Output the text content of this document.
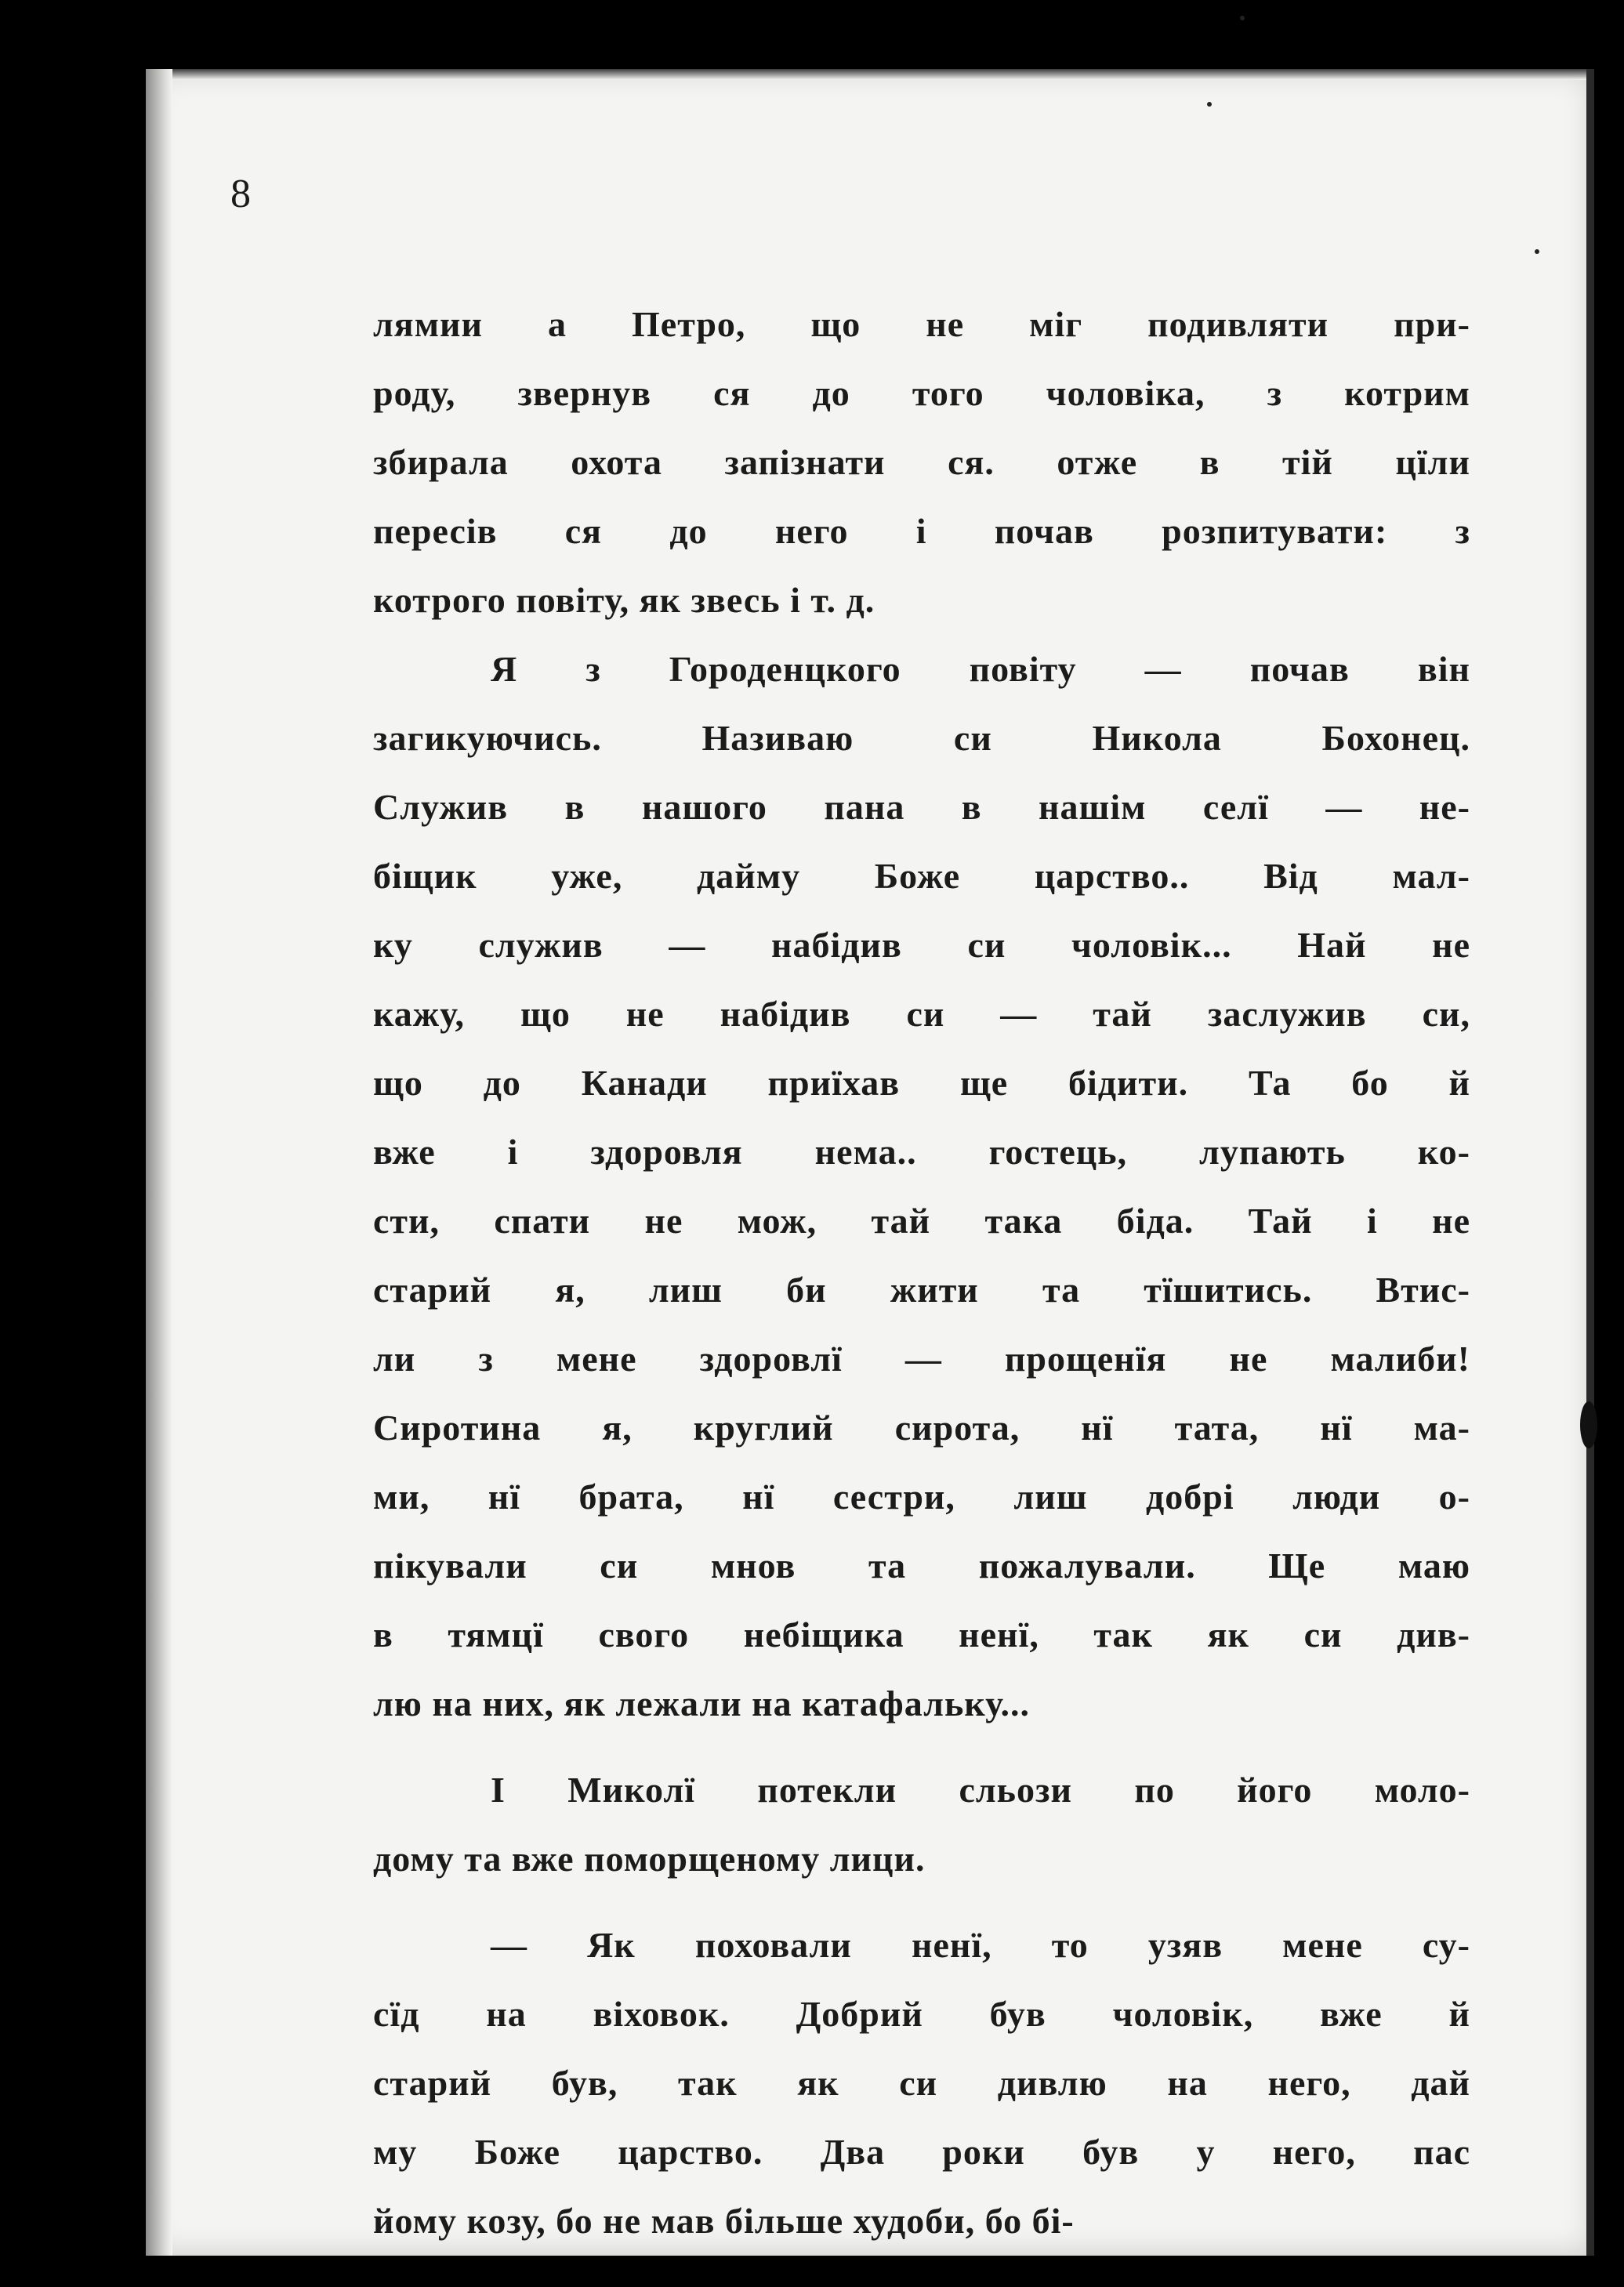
8
лямии а Петро, що не міг подивляти при-
роду, звернув ся до того чоловіка, з котрим
збирала охота запізнати ся. отже в тій цїли
пересів ся до него і почав розпитувати: з
котрого повіту, як звесь і т. д.
Я з Городенцкого повіту — почав він
загикуючись. Називаю си Никола Бохонец.
Служив в нашого пана в нашім селї — не-
біщик уже, дайму Боже царство.. Від мал-
ку служив — набідив си чоловік... Най не
кажу, що не набідив си — тай заслужив си,
що до Канади приїхав ще бідити. Та бо й
вже і здоровля нема.. гостець, лупають ко-
сти, спати не мож, тай така біда. Тай і не
старий я, лиш би жити та тїшитись. Втис-
ли з мене здоровлї — прощенїя не малиби!
Сиротина я, круглий сирота, нї тата, нї ма-
ми, нї брата, нї сестри, лиш добрі люди о-
пікували си мнов та пожалували. Ще маю
в тямцї свого небіщика ненї, так як си див-
лю на них, як лежали на катафальку...
І Миколї потекли сльози по його моло-
дому та вже поморщеному лици.
— Як поховали ненї, то узяв мене су-
сїд на віховок. Добрий був чоловік, вже й
старий був, так як си дивлю на него, дай
му Боже царство. Два роки був у него, пас
йому козу, бо не мав більше худоби, бо бі-
